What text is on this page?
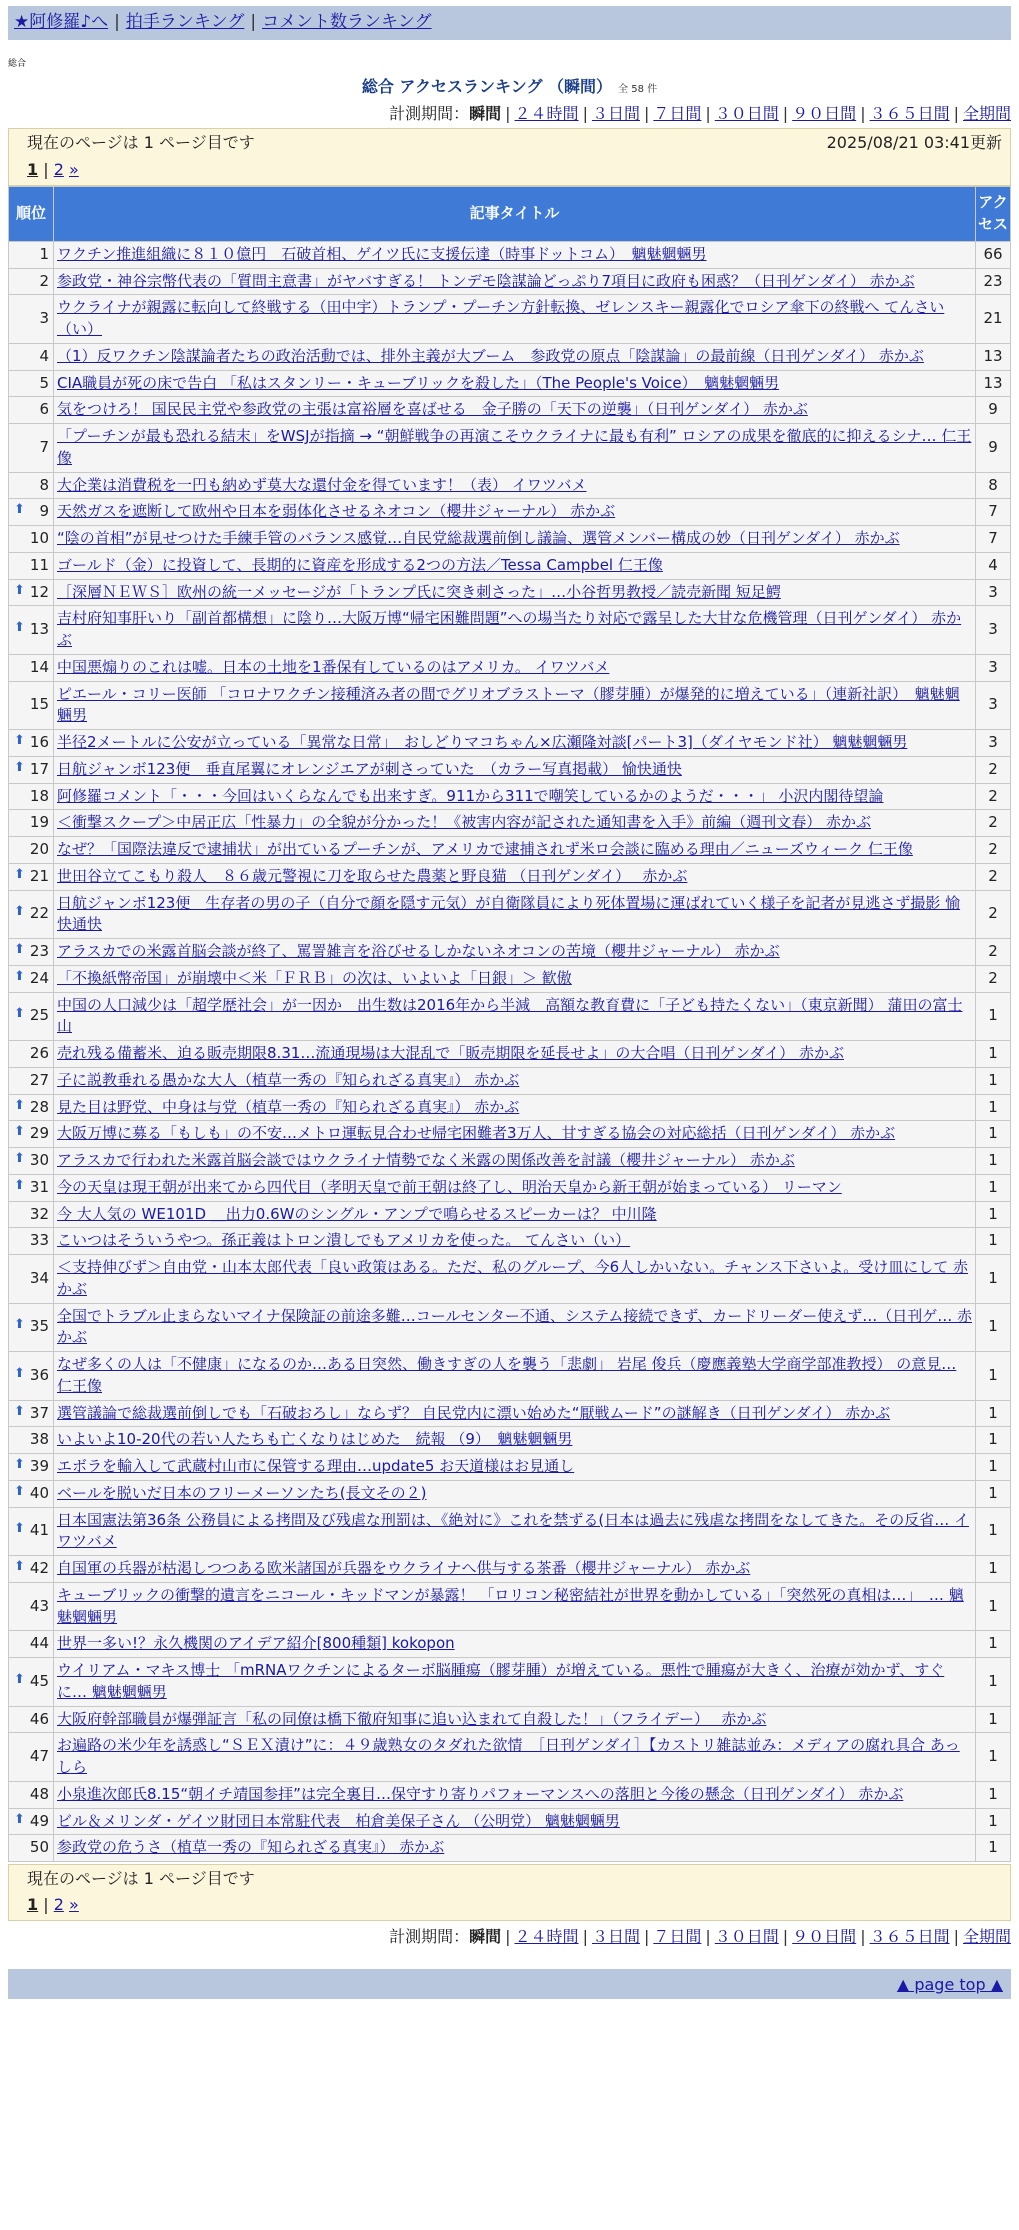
★阿修羅♪へ | 拍手ランキング | コメント数ランキング
総合
総合 アクセスランキング （瞬間） 全 58 件
計測期間：瞬間 | ２４時間 | ３日間 | ７日間 | ３０日間 | ９０日間 | ３６５日間 | 全期間
現在のページは 1 ページ目です	2025/08/21 03:41更新
1 | 2 »
順位	記事タイトル	アクセス
1	ワクチン推進組織に８１０億円　石破首相、ゲイツ氏に支援伝達（時事ドットコム）　魑魅魍魎男	66
2	参政党・神谷宗幣代表の「質問主意書」がヤバすぎる！ トンデモ陰謀論どっぷり7項目に政府も困惑？（日刊ゲンダイ） 赤かぶ	23
3	ウクライナが親露に転向して終戦する（田中宇）トランプ・プーチン方針転換、ゼレンスキー親露化でロシア傘下の終戦へ てんさい（い）	21
4	（1）反ワクチン陰謀論者たちの政治活動では、排外主義が大ブーム　参政党の原点「陰謀論」の最前線（日刊ゲンダイ） 赤かぶ	13
5	CIA職員が死の床で告白 「私はスタンリー・キューブリックを殺した」（The People's Voice）　魑魅魍魎男	13
6	気をつけろ！ 国民民主党や参政党の主張は富裕層を喜ばせる　金子勝の「天下の逆襲」（日刊ゲンダイ） 赤かぶ	9
7	「プーチンが最も恐れる結末」をWSJが指摘 → “朝鮮戦争の再演こそウクライナに最も有利” ロシアの成果を徹底的に抑えるシナ… 仁王像	9
8	大企業は消費税を一円も納めず莫大な還付金を得ています！（表） イワツバメ	8

⬆ 9	天然ガスを遮断して欧州や日本を弱体化させるネオコン（櫻井ジャーナル） 赤かぶ	7
10	“陰の首相”が見せつけた手練手管のバランス感覚…自民党総裁選前倒し議論、選管メンバー構成の妙（日刊ゲンダイ） 赤かぶ	7
11	ゴールド（金）に投資して、長期的に資産を形成する2つの方法／Tessa Campbel 仁王像	4

⬆ 12	［深層ＮＥＷＳ］欧州の統一メッセージが「トランプ氏に突き刺さった」…小谷哲男教授／読売新聞 短足鰐	3

⬆ 13	吉村府知事肝いり「副首都構想」に陰り…大阪万博“帰宅困難問題”への場当たり対応で露呈した大甘な危機管理（日刊ゲンダイ） 赤かぶ	3
14	中国悪煽りのこれは嘘。日本の土地を1番保有しているのはアメリカ。 イワツバメ	3
15	ピエール・コリー医師 「コロナワクチン接種済み者の間でグリオブラストーマ（膠芽腫）が爆発的に増えている」（連新社訳）　魑魅魍魎男	3

⬆ 16	半径2メートルに公安が立っている「異常な日常」　おしどりマコちゃん×広瀬隆対談[パート3]（ダイヤモンド社） 魑魅魍魎男	3

⬆ 17	日航ジャンボ123便　垂直尾翼にオレンジエアが刺さっていた　（カラー写真掲載） 愉快通快	2
18	阿修羅コメント「・・・今回はいくらなんでも出来すぎ。911から311で嘲笑しているかのようだ・・・」 小沢内閣待望論	2
19	＜衝撃スクープ＞中居正広「性暴力」の全貌が分かった！《被害内容が記された通知書を入手》前編（週刊文春） 赤かぶ	2
20	なぜ？「国際法違反で逮捕状」が出ているプーチンが、アメリカで逮捕されず米ロ会談に臨める理由／ニューズウィーク 仁王像	2

⬆ 21	世田谷立てこもり殺人　８６歳元警視に刀を取らせた農薬と野良猫 （日刊ゲンダイ）　 赤かぶ	2

⬆ 22	日航ジャンボ123便　生存者の男の子（自分で顔を隠す元気）が自衛隊員により死体置場に運ばれていく様子を記者が見逃さず撮影 愉快通快	2

⬆ 23	アラスカでの米露首脳会談が終了、罵詈雑言を浴びせるしかないネオコンの苦境（櫻井ジャーナル） 赤かぶ	2

⬆ 24	「不換紙幣帝国」が崩壊中＜米「ＦＲＢ」の次は、いよいよ「日銀」＞ 歓傲	2

⬆ 25	中国の人口減少は「超学歴社会」が一因か　出生数は2016年から半減　高額な教育費に「子ども持たくない」（東京新聞） 蒲田の富士山	1
26	売れ残る備蓄米、迫る販売期限8.31…流通現場は大混乱で「販売期限を延長せよ」の大合唱（日刊ゲンダイ） 赤かぶ	1
27	子に説教垂れる愚かな大人（植草一秀の『知られざる真実』） 赤かぶ	1

⬆ 28	見た目は野党、中身は与党（植草一秀の『知られざる真実』） 赤かぶ	1

⬆ 29	大阪万博に募る「もしも」の不安…メトロ運転見合わせ帰宅困難者3万人、甘すぎる協会の対応総括（日刊ゲンダイ） 赤かぶ	1

⬆ 30	アラスカで行われた米露首脳会談ではウクライナ情勢でなく米露の関係改善を討議（櫻井ジャーナル） 赤かぶ	1

⬆ 31	今の天皇は現王朝が出来てから四代目（孝明天皇で前王朝は終了し、明治天皇から新王朝が始まっている） リーマン	1
32	今 大人気の WE101D ＿出力0.6Wのシングル・アンプで鳴らせるスピーカーは？ 中川隆	1
33	こいつはそういうやつ。孫正義はトロン潰しでもアメリカを使った。 てんさい（い）	1
34	＜支持伸びず＞自由党・山本太郎代表「良い政策はある。ただ、私のグループ、今6人しかいない。チャンス下さいよ。受け皿にして 赤かぶ	1

⬆ 35	全国でトラブル止まらないマイナ保険証の前途多難…コールセンター不通、システム接続できず、カードリーダー使えず…（日刊ゲ… 赤かぶ	1

⬆ 36	なぜ多くの人は「不健康」になるのか…ある日突然、働きすぎの人を襲う「悲劇」 岩尾 俊兵（慶應義塾大学商学部准教授） の意見… 仁王像	1

⬆ 37	選管議論で総裁選前倒しでも「石破おろし」ならず？ 自民党内に漂い始めた“厭戦ムード”の謎解き（日刊ゲンダイ） 赤かぶ	1
38	いよいよ10-20代の若い人たちも亡くなりはじめた　続報 （9）　魑魅魍魎男	1

⬆ 39	エボラを輸入して武蔵村山市に保管する理由…update5 お天道様はお見通し	1

⬆ 40	ベールを脱いだ日本のフリーメーソンたち(長文その２)	1

⬆ 41	日本国憲法第36条 公務員による拷問及び残虐な刑罰は、《絶対に》これを禁ずる(日本は過去に残虐な拷問をなしてきた。その反省… イワツバメ	1

⬆ 42	自国軍の兵器が枯渇しつつある欧米諸国が兵器をウクライナへ供与する茶番（櫻井ジャーナル） 赤かぶ	1
43	キューブリックの衝撃的遺言をニコール・キッドマンが暴露！ 「ロリコン秘密結社が世界を動かしている」「突然死の真相は…」　… 魑魅魍魎男	1
44	世界一多い!？永久機関のアイデア紹介[800種類] kokopon	1

⬆ 45	ウイリアム・マキス博士 「mRNAワクチンによるターボ脳腫瘍（膠芽腫）が増えている。悪性で腫瘍が大きく、治療が効かず、すぐに… 魑魅魍魎男	1
46	大阪府幹部職員が爆弾証言「私の同僚は橋下徹府知事に追い込まれて自殺した！」（フライデー）　 赤かぶ	1
47	お遍路の米少年を誘惑し“ＳＥＸ漬け”に：４９歳熟女のタダれた欲情　［日刊ゲンダイ］【カストリ雑誌並み：メディアの腐れ具合 あっしら	1
48	小泉進次郎氏8.15“朝イチ靖国参拝”は完全裏目…保守すり寄りパフォーマンスへの落胆と今後の懸念（日刊ゲンダイ） 赤かぶ	1

⬆ 49	ビル＆メリンダ・ゲイツ財団日本常駐代表　柏倉美保子さん （公明党） 魑魅魍魎男	1
50	参政党の危うさ（植草一秀の『知られざる真実』） 赤かぶ	1
現在のページは 1 ページ目です
1 | 2 »
計測期間：瞬間 | ２４時間 | ３日間 | ７日間 | ３０日間 | ９０日間 | ３６５日間 | 全期間
▲ page top ▲
